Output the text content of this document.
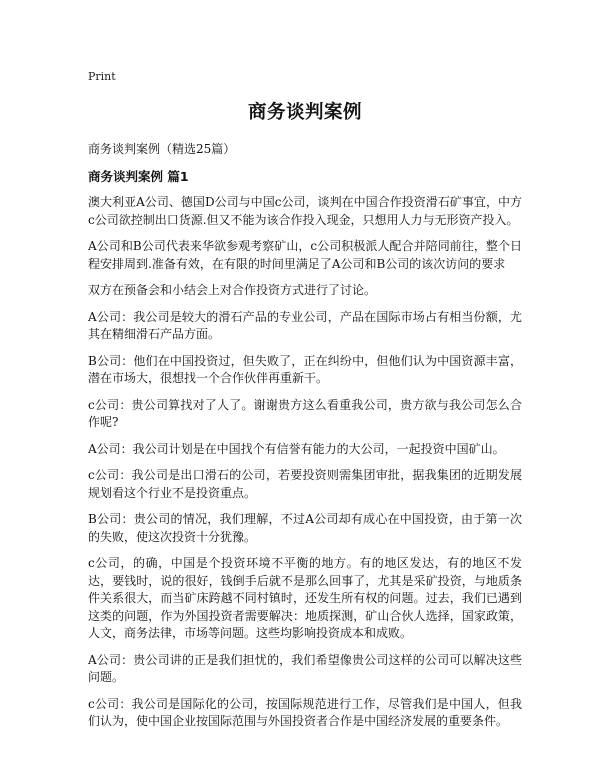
Print
商务谈判案例
商务谈判案例（精选25篇）
商务谈判案例 篇1

澳大利亚A公司、德国D公司与中国c公司，谈判在中国合作投资滑石矿事宜，中方c公司欲控制出口货源.但又不能为该合作投入现金，只想用人力与无形资产投入。

A公司和B公司代表来华欲参观考察矿山，c公司积极派人配合并陪同前往，整个日程安排周到.准备有效，在有限的时间里满足了A公司和B公司的该次访问的要求

双方在预备会和小结会上对合作投资方式进行了讨论。

A公司：我公司是较大的滑石产品的专业公司，产品在国际市场占有相当份额，尤其在精细滑石产品方面。

B公司：他们在中国投资过，但失败了，正在纠纷中，但他们认为中国资源丰富，潜在市场大，很想找一个合作伙伴再重新干。

c公司：贵公司算找对了人了。谢谢贵方这么看重我公司，贵方欲与我公司怎么合作呢?

A公司：我公司计划是在中国找个有信誉有能力的大公司，一起投资中国矿山。

c公司：我公司是出口滑石的公司，若要投资则需集团审批，据我集团的近期发展规划看这个行业不是投资重点。

B公司：贵公司的情况，我们理解，不过A公司却有成心在中国投资，由于第一次的失败，使这次投资十分犹豫。

c公司，的确，中国是个投资环境不平衡的地方。有的地区发达，有的地区不发达，要钱时，说的很好，钱倒手后就不是那么回事了，尤其是采矿投资，与地质条件关系很大，而当矿床跨越不同村镇时，还发生所有权的问题。过去，我们已遇到这类的问题，作为外国投资者需要解决：地质探测，矿山合伙人选择，国家政策，人文，商务法律，市场等问题。这些均影响投资成本和成败。

A公司：贵公司讲的正是我们担忧的，我们希望像贵公司这样的公司可以解决这些问题。

c公司：我公司是国际化的公司，按国际规范进行工作，尽管我们是中国人，但我们认为，使中国企业按国际范围与外国投资者合作是中国经济发展的重要条件。
